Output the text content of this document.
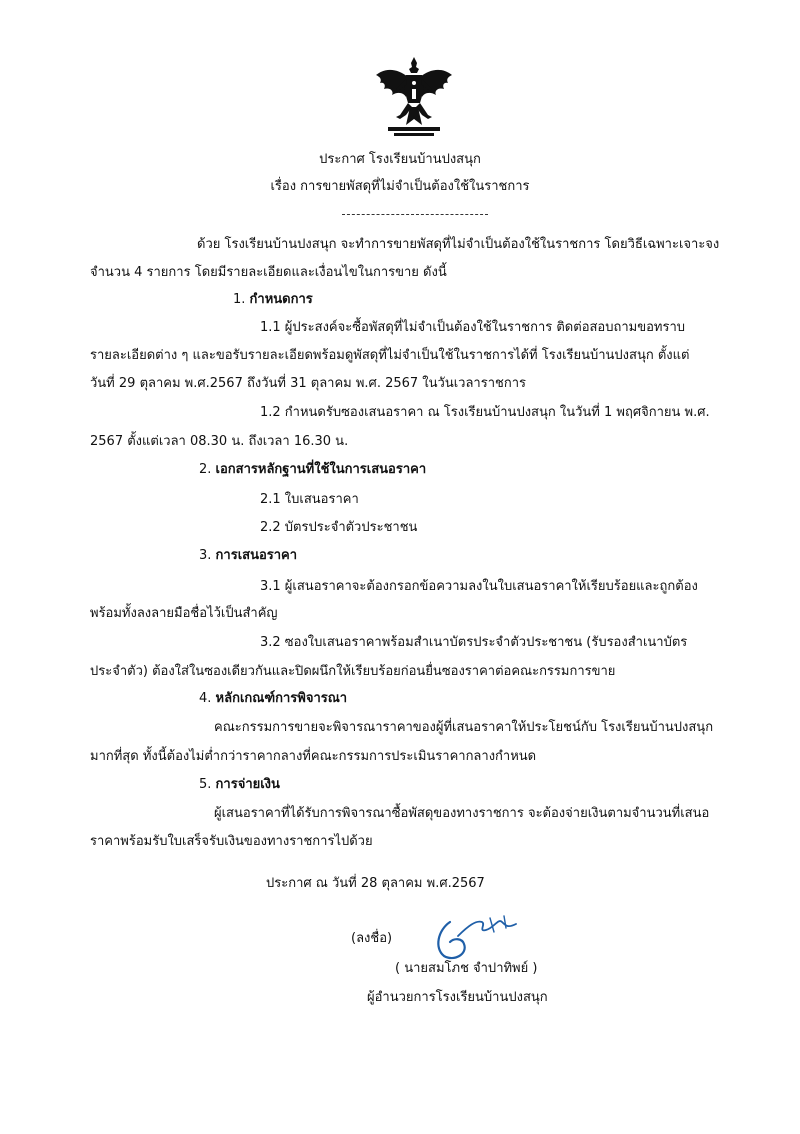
ประกาศ โรงเรียนบ้านปงสนุก
เรื่อง การขายพัสดุที่ไม่จำเป็นต้องใช้ในราชการ
ด้วย โรงเรียนบ้านปงสนุก จะทำการขายพัสดุที่ไม่จำเป็นต้องใช้ในราชการ โดยวิธีเฉพาะเจาะจง
จำนวน 4 รายการ โดยมีรายละเอียดและเงื่อนไขในการขาย ดังนี้
1. กำหนดการ
1.1 ผู้ประสงค์จะซื้อพัสดุที่ไม่จำเป็นต้องใช้ในราชการ ติดต่อสอบถามขอทราบ
รายละเอียดต่าง ๆ และขอรับรายละเอียดพร้อมดูพัสดุที่ไม่จำเป็นใช้ในราชการได้ที่ โรงเรียนบ้านปงสนุก ตั้งแต่
วันที่ 29 ตุลาคม พ.ศ.2567 ถึงวันที่ 31 ตุลาคม พ.ศ. 2567 ในวันเวลาราชการ
1.2 กำหนดรับซองเสนอราคา ณ โรงเรียนบ้านปงสนุก ในวันที่ 1 พฤศจิกายน พ.ศ.
2567 ตั้งแต่เวลา 08.30 น. ถึงเวลา 16.30 น.
2. เอกสารหลักฐานที่ใช้ในการเสนอราคา
2.1 ใบเสนอราคา
2.2 บัตรประจำตัวประชาชน
3. การเสนอราคา
3.1 ผู้เสนอราคาจะต้องกรอกข้อความลงในใบเสนอราคาให้เรียบร้อยและถูกต้อง
พร้อมทั้งลงลายมือชื่อไว้เป็นสำคัญ
3.2 ซองใบเสนอราคาพร้อมสำเนาบัตรประจำตัวประชาชน (รับรองสำเนาบัตร
ประจำตัว) ต้องใส่ในซองเดียวกันและปิดผนึกให้เรียบร้อยก่อนยื่นซองราคาต่อคณะกรรมการขาย
4. หลักเกณฑ์การพิจารณา
คณะกรรมการขายจะพิจารณาราคาของผู้ที่เสนอราคาให้ประโยชน์กับ โรงเรียนบ้านปงสนุก
มากที่สุด ทั้งนี้ต้องไม่ต่ำกว่าราคากลางที่คณะกรรมการประเมินราคากลางกำหนด
5. การจ่ายเงิน
ผู้เสนอราคาที่ได้รับการพิจารณาซื้อพัสดุของทางราชการ จะต้องจ่ายเงินตามจำนวนที่เสนอ
ราคาพร้อมรับใบเสร็จรับเงินของทางราชการไปด้วย
ประกาศ ณ วันที่ 28 ตุลาคม พ.ศ.2567
(ลงชื่อ)
( นายสมโภช จำปาทิพย์ )
ผู้อำนวยการโรงเรียนบ้านปงสนุก
